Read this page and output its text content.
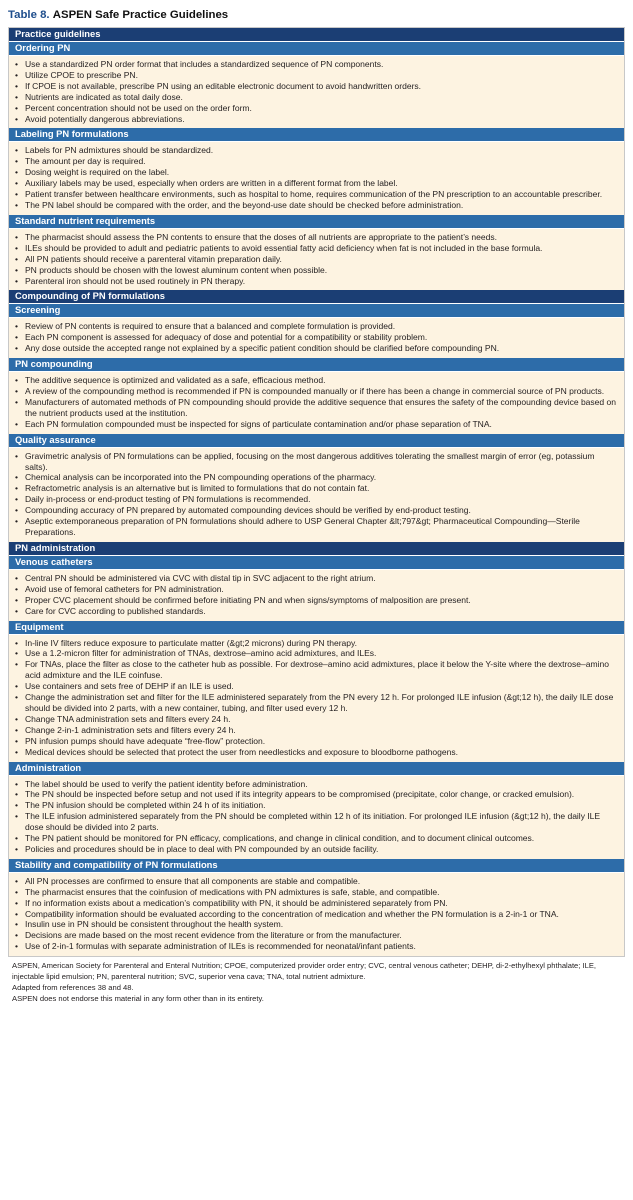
Table 8. ASPEN Safe Practice Guidelines
Practice guidelines
Ordering PN
• Use a standardized PN order format that includes a standardized sequence of PN components.
• Utilize CPOE to prescribe PN.
• If CPOE is not available, prescribe PN using an editable electronic document to avoid handwritten orders.
• Nutrients are indicated as total daily dose.
• Percent concentration should not be used on the order form.
• Avoid potentially dangerous abbreviations.
Labeling PN formulations
• Labels for PN admixtures should be standardized.
• The amount per day is required.
• Dosing weight is required on the label.
• Auxiliary labels may be used, especially when orders are written in a different format from the label.
• Patient transfer between healthcare environments, such as hospital to home, requires communication of the PN prescription to an accountable prescriber.
• The PN label should be compared with the order, and the beyond-use date should be checked before administration.
Standard nutrient requirements
• The pharmacist should assess the PN contents to ensure that the doses of all nutrients are appropriate to the patient’s needs.
• ILEs should be provided to adult and pediatric patients to avoid essential fatty acid deficiency when fat is not included in the base formula.
• All PN patients should receive a parenteral vitamin preparation daily.
• PN products should be chosen with the lowest aluminum content when possible.
• Parenteral iron should not be used routinely in PN therapy.
Compounding of PN formulations
Screening
• Review of PN contents is required to ensure that a balanced and complete formulation is provided.
• Each PN component is assessed for adequacy of dose and potential for a compatibility or stability problem.
• Any dose outside the accepted range not explained by a specific patient condition should be clarified before compounding PN.
PN compounding
• The additive sequence is optimized and validated as a safe, efficacious method.
• A review of the compounding method is recommended if PN is compounded manually or if there has been a change in commercial source of PN products.
• Manufacturers of automated methods of PN compounding should provide the additive sequence that ensures the safety of the compounding device based on the nutrient products used at the institution.
• Each PN formulation compounded must be inspected for signs of particulate contamination and/or phase separation of TNA.
Quality assurance
• Gravimetric analysis of PN formulations can be applied, focusing on the most dangerous additives tolerating the smallest margin of error (eg, potassium salts).
• Chemical analysis can be incorporated into the PN compounding operations of the pharmacy.
• Refractometric analysis is an alternative but is limited to formulations that do not contain fat.
• Daily in-process or end-product testing of PN formulations is recommended.
• Compounding accuracy of PN prepared by automated compounding devices should be verified by end-product testing.
• Aseptic extemporaneous preparation of PN formulations should adhere to USP General Chapter &lt;797&gt; Pharmaceutical Compounding—Sterile Preparations.
PN administration
Venous catheters
• Central PN should be administered via CVC with distal tip in SVC adjacent to the right atrium.
• Avoid use of femoral catheters for PN administration.
• Proper CVC placement should be confirmed before initiating PN and when signs/symptoms of malposition are present.
• Care for CVC according to published standards.
Equipment
• In-line IV filters reduce exposure to particulate matter (&gt;2 microns) during PN therapy.
• Use a 1.2-micron filter for administration of TNAs, dextrose–amino acid admixtures, and ILEs.
• For TNAs, place the filter as close to the catheter hub as possible. For dextrose–amino acid admixtures, place it below the Y-site where the dextrose–amino acid admixture and the ILE coinfuse.
• Use containers and sets free of DEHP if an ILE is used.
• Change the administration set and filter for the ILE administered separately from the PN every 12 h. For prolonged ILE infusion (&gt;12 h), the daily ILE dose should be divided into 2 parts, with a new container, tubing, and filter used every 12 h.
• Change TNA administration sets and filters every 24 h.
• Change 2-in-1 administration sets and filters every 24 h.
• PN infusion pumps should have adequate “free-flow” protection.
• Medical devices should be selected that protect the user from needlesticks and exposure to bloodborne pathogens.
Administration
• The label should be used to verify the patient identity before administration.
• The PN should be inspected before setup and not used if its integrity appears to be compromised (precipitate, color change, or cracked emulsion).
• The PN infusion should be completed within 24 h of its initiation.
• The ILE infusion administered separately from the PN should be completed within 12 h of its initiation. For prolonged ILE infusion (&gt;12 h), the daily ILE dose should be divided into 2 parts.
• The PN patient should be monitored for PN efficacy, complications, and change in clinical condition, and to document clinical outcomes.
• Policies and procedures should be in place to deal with PN compounded by an outside facility.
Stability and compatibility of PN formulations
• All PN processes are confirmed to ensure that all components are stable and compatible.
• The pharmacist ensures that the coinfusion of medications with PN admixtures is safe, stable, and compatible.
• If no information exists about a medication’s compatibility with PN, it should be administered separately from PN.
• Compatibility information should be evaluated according to the concentration of medication and whether the PN formulation is a 2-in-1 or TNA.
• Insulin use in PN should be consistent throughout the health system.
• Decisions are made based on the most recent evidence from the literature or from the manufacturer.
• Use of 2-in-1 formulas with separate administration of ILEs is recommended for neonatal/infant patients.

ASPEN, American Society for Parenteral and Enteral Nutrition; CPOE, computerized provider order entry; CVC, central venous catheter; DEHP, di-2-ethylhexyl phthalate; ILE, injectable lipid emulsion; PN, parenteral nutrition; SVC, superior vena cava; TNA, total nutrient admixture.

Adapted from references 38 and 48.

ASPEN does not endorse this material in any form other than in its entirety.
